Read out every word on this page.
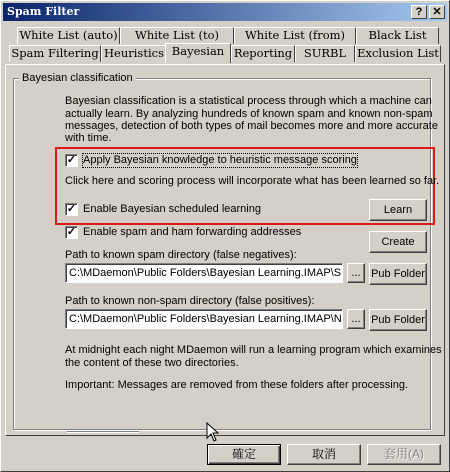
Spam Filter	? ✕
White List (auto)	White List (to)	White List (from)	Black List
Spam Filtering Heuristics Bayesian Reporting	SURBL Exclusion List
Bayesian classification
Bayesian classification is a statistical process through which a machine can
actually learn. By analyzing hundreds of known spam and known non-spam
messages, detection of both types of mail becomes more and more accurate
with time.
✓ Apply Bayesian knowledge to heuristic message scoring
Click here and scoring process will incorporate what has been learned so far.
✓ Enable Bayesian scheduled learning	Learn
✓ Enable spam and ham forwarding addresses
Create
Path to known spam directory (false negatives):
C:\MDaemon\Public Folders\Bayesian Learning.IMAP\S ... Pub Folder
Path to known non-spam directory (false positives):
C:\MDaemon\Public Folders\Bayesian Learning.IMAP\N ... Pub Folder
At midnight each night MDaemon will run a learning program which examines
the content of these two directories.
Important: Messages are removed from these folders after processing.
確定	取消	套用(A)
